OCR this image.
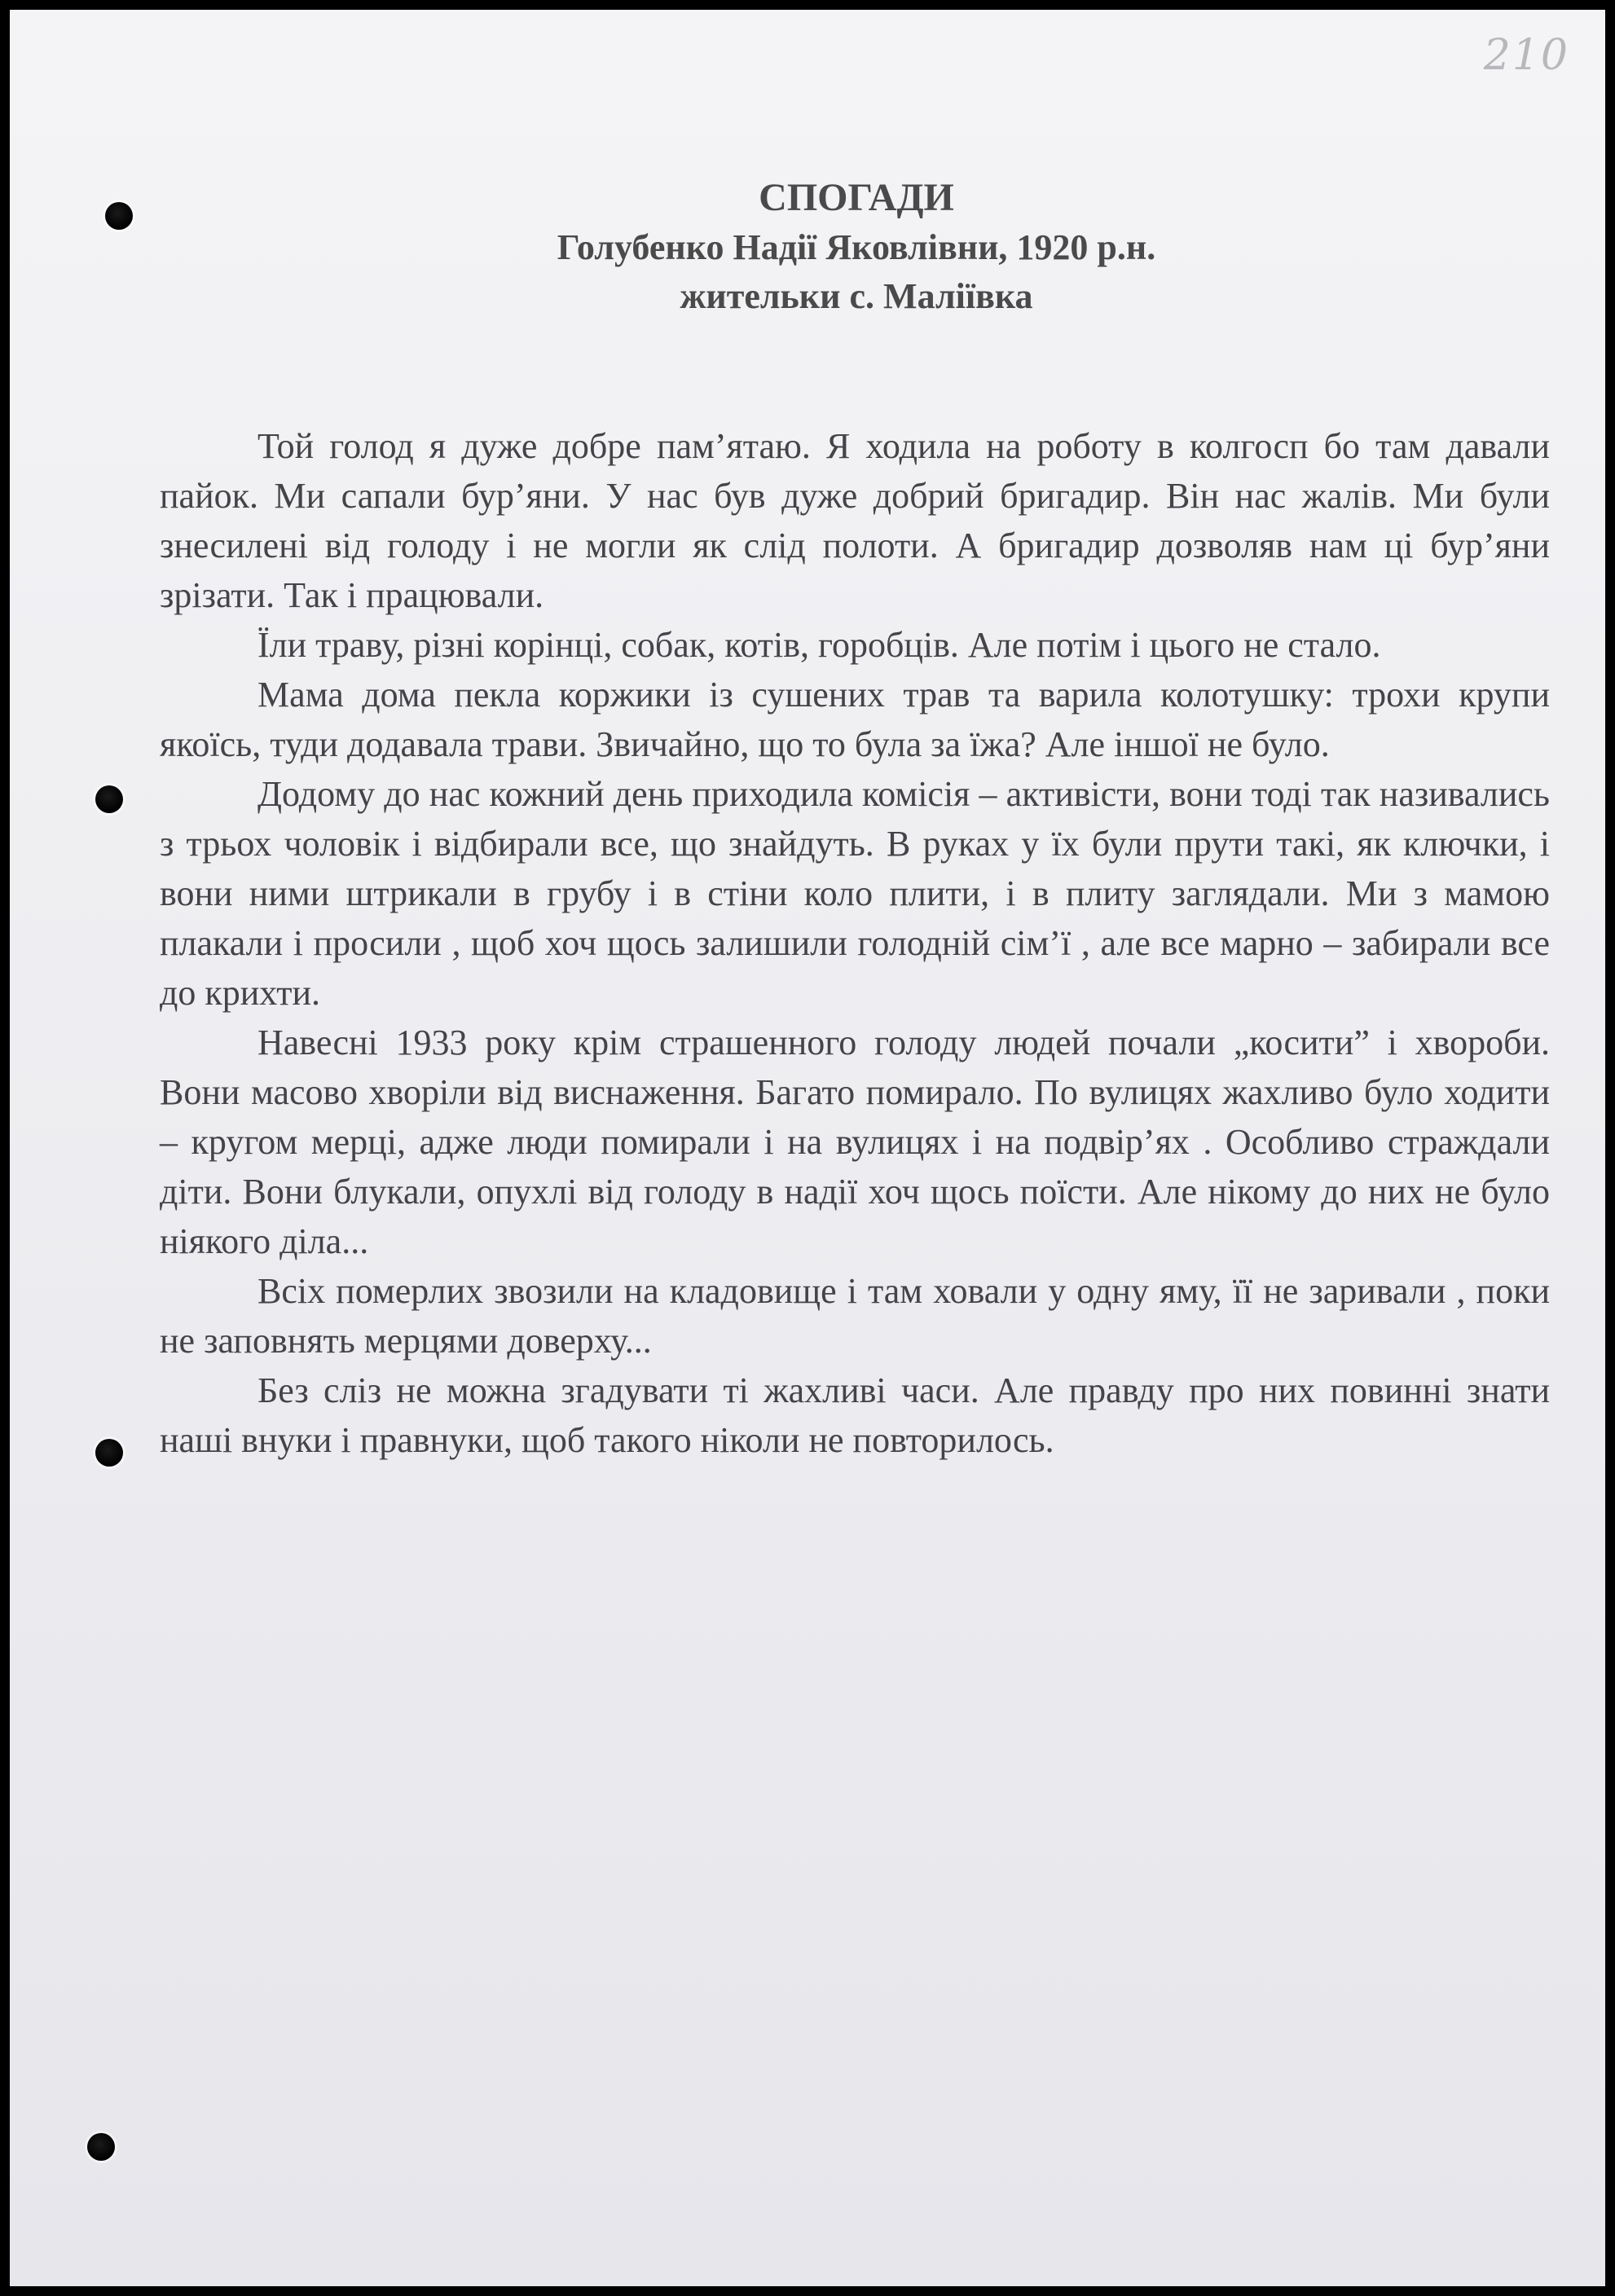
210
СПОГАДИ
Голубенко Надії Яковлівни, 1920 р.н.
жительки с. Маліївка

Той голод я дуже добре пам’ятаю. Я ходила на роботу в колгосп бо там давали пайок. Ми сапали бур’яни. У нас був дуже добрий бригадир. Він нас жалів. Ми були знесилені від голоду і не могли як слід полоти. А бригадир дозволяв нам ці бур’яни зрізати. Так і працювали.

Їли траву, різні корінці, собак, котів, горобців. Але потім і цього не стало.

Мама дома пекла коржики із сушених трав та варила колотушку: трохи крупи якоїсь, туди додавала трави. Звичайно, що то була за їжа? Але іншої не було.

Додому до нас кожний день приходила комісія – активісти, вони тоді так називались з трьох чоловік і відбирали все, що знайдуть. В руках у їх були прути такі, як ключки, і вони ними штрикали в грубу і в стіни коло плити, і в плиту заглядали. Ми з мамою плакали і просили , щоб хоч щось залишили голодній сім’ї , але все марно – забирали все до крихти.

Навесні 1933 року крім страшенного голоду людей почали „косити” і хвороби. Вони масово хворіли від виснаження. Багато помирало. По вулицях жахливо було ходити – кругом мерці, адже люди помирали і на вулицях і на подвір’ях . Особливо страждали діти. Вони блукали, опухлі від голоду в надії хоч щось поїсти. Але нікому до них не було ніякого діла...

Всіх померлих звозили на кладовище і там ховали у одну яму, її не заривали , поки не заповнять мерцями доверху...

Без сліз не можна згадувати ті жахливі часи. Але правду про них повинні знати наші внуки і правнуки, щоб такого ніколи не повторилось.
